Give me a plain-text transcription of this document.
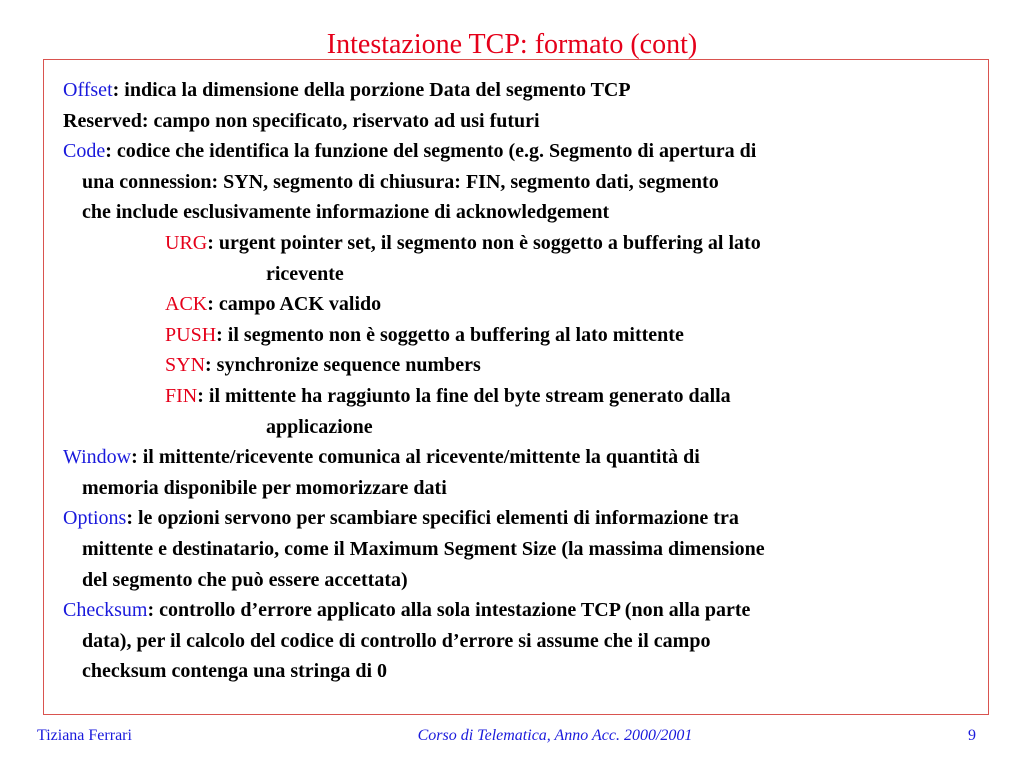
Intestazione TCP: formato (cont)
Offset: indica la dimensione della porzione Data del segmento TCP
Reserved: campo non specificato, riservato ad usi futuri
Code: codice che identifica la funzione del segmento (e.g. Segmento di apertura di
una connession: SYN, segmento di chiusura: FIN, segmento dati, segmento
che include esclusivamente informazione di acknowledgement
URG: urgent pointer set, il segmento non è soggetto a buffering al lato
ricevente
ACK: campo ACK valido
PUSH: il segmento non è soggetto a buffering al lato mittente
SYN: synchronize sequence numbers
FIN: il mittente ha raggiunto la fine del byte stream generato dalla
applicazione
Window: il mittente/ricevente comunica al ricevente/mittente la quantità di
memoria disponibile per momorizzare dati
Options: le opzioni servono per scambiare specifici elementi di informazione tra
mittente e destinatario, come il Maximum Segment Size (la massima dimensione
del segmento che può essere accettata)
Checksum: controllo d’errore applicato alla sola intestazione TCP (non alla parte
data), per il calcolo del codice di controllo d’errore si assume che il campo
checksum contenga una stringa di 0
Tiziana Ferrari	Corso di Telematica, Anno Acc. 2000/2001	9
